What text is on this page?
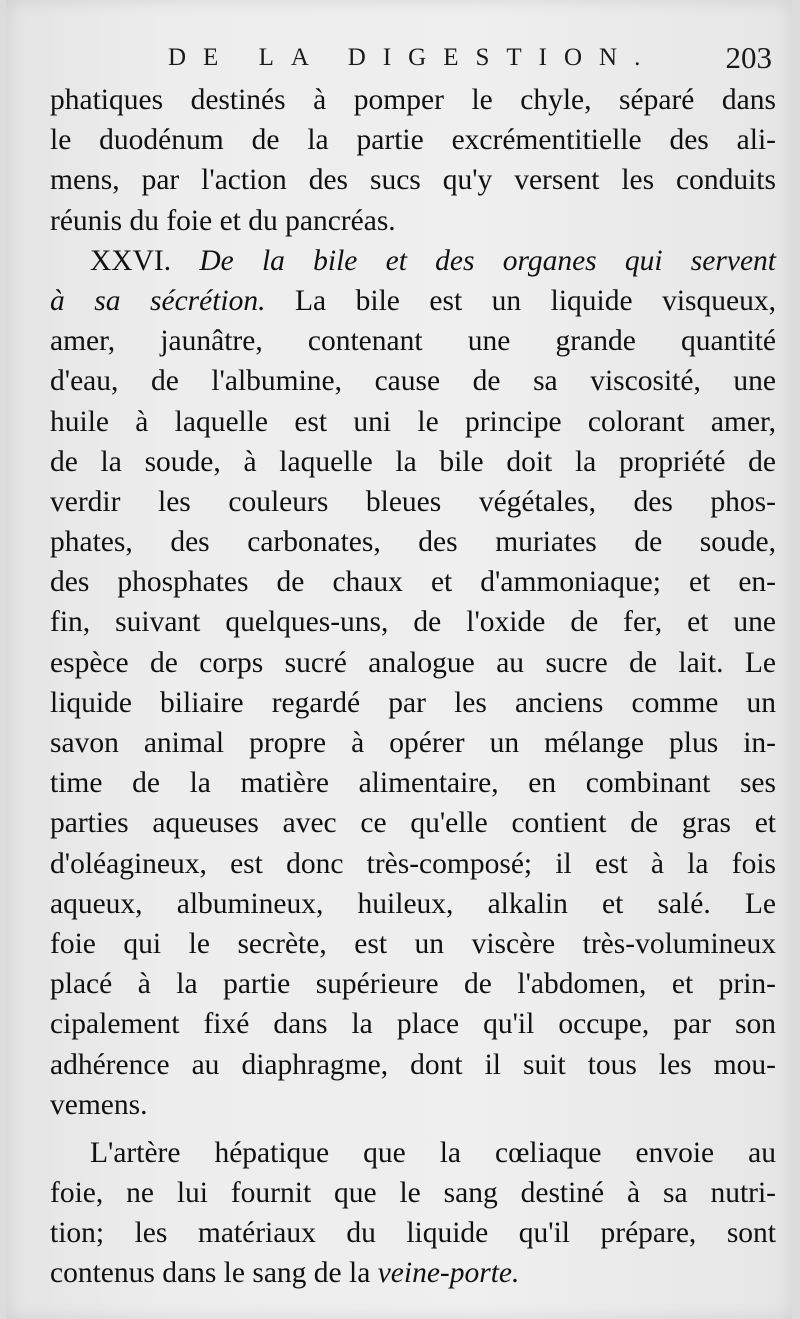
DE LA DIGESTION. 203
phatiques destinés à pomper le chyle, séparé dans
le duodénum de la partie excrémentitielle des ali-
mens, par l'action des sucs qu'y versent les conduits
réunis du foie et du pancréas.
XXVI. De la bile et des organes qui servent
à sa sécrétion. La bile est un liquide visqueux,
amer, jaunâtre, contenant une grande quantité
d'eau, de l'albumine, cause de sa viscosité, une
huile à laquelle est uni le principe colorant amer,
de la soude, à laquelle la bile doit la propriété de
verdir les couleurs bleues végétales, des phos-
phates, des carbonates, des muriates de soude,
des phosphates de chaux et d'ammoniaque; et en-
fin, suivant quelques-uns, de l'oxide de fer, et une
espèce de corps sucré analogue au sucre de lait. Le
liquide biliaire regardé par les anciens comme un
savon animal propre à opérer un mélange plus in-
time de la matière alimentaire, en combinant ses
parties aqueuses avec ce qu'elle contient de gras et
d'oléagineux, est donc très-composé; il est à la fois
aqueux, albumineux, huileux, alkalin et salé. Le
foie qui le secrète, est un viscère très-volumineux
placé à la partie supérieure de l'abdomen, et prin-
cipalement fixé dans la place qu'il occupe, par son
adhérence au diaphragme, dont il suit tous les mou-
vemens.
L'artère hépatique que la cœliaque envoie au
foie, ne lui fournit que le sang destiné à sa nutri-
tion; les matériaux du liquide qu'il prépare, sont
contenus dans le sang de la veine-porte.
